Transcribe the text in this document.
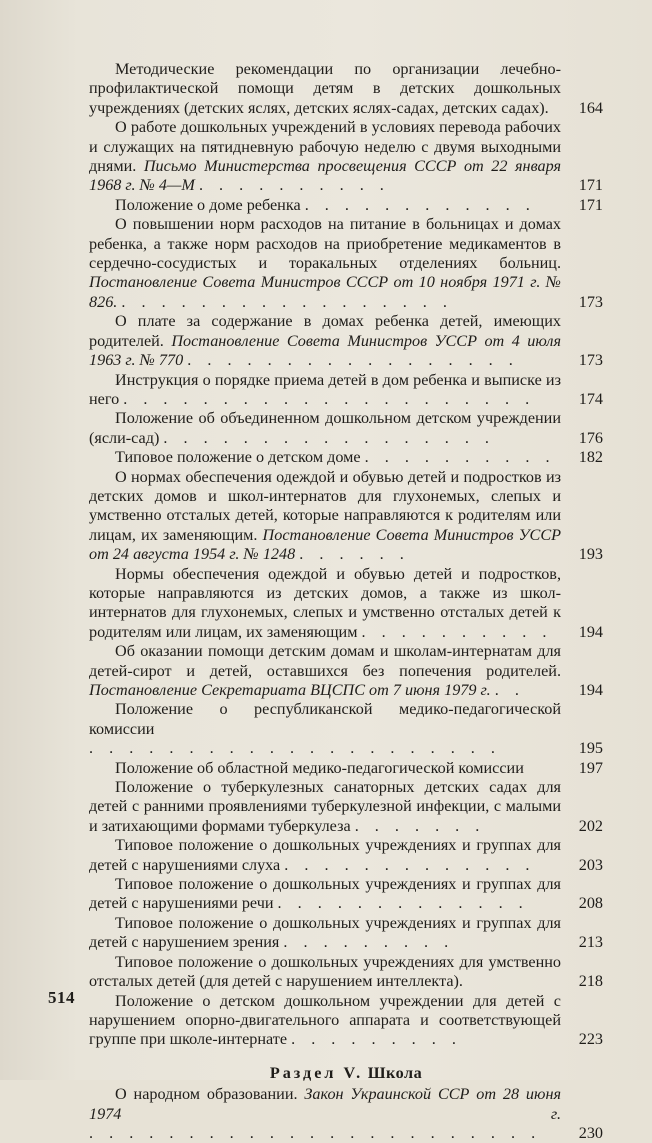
Методические рекомендации по организации лечебно-профилактической помощи детям в детских дошкольных учреждениях (детских яслях, детских яслях-садах, детских садах).	164
О работе дошкольных учреждений в условиях перевода рабочих и служащих на пятидневную рабочую неделю с двумя выходными днями. Письмо Министерства просвещения СССР от 22 января 1968 г. № 4—М . . . . . . . . . .	171
Положение о доме ребенка . . . . . . . . . . . .	171
О повышении норм расходов на питание в больницах и домах ребенка, а также норм расходов на приобретение медикаментов в сердечно-сосудистых и торакальных отделениях больниц. Постановление Совета Министров СССР от 10 ноября 1971 г. № 826. . . . . . . . . . . . . . . . . .	173
О плате за содержание в домах ребенка детей, имеющих родителей. Постановление Совета Министров УССР от 4 июля 1963 г. № 770 . . . . . . . . . . . . . . . . .	173
Инструкция о порядке приема детей в дом ребенка и выписке из него . . . . . . . . . . . . . . . . . . . . .	174
Положение об объединенном дошкольном детском учреждении (ясли-сад) . . . . . . . . . . . . . . . . .	176
Типовое положение о детском доме . . . . . . . . . .	182
О нормах обеспечения одеждой и обувью детей и подростков из детских домов и школ-интернатов для глухонемых, слепых и умственно отсталых детей, которые направляются к родителям или лицам, их заменяющим. Постановление Совета Министров УССР от 24 августа 1954 г. № 1248 . . . . . .	193
Нормы обеспечения одеждой и обувью детей и подростков, которые направляются из детских домов, а также из школ-интернатов для глухонемых, слепых и умственно отсталых детей к родителям или лицам, их заменяющим . . . . . . . . . .	194
Об оказании помощи детским домам и школам-интернатам для детей-сирот и детей, оставшихся без попечения родителей. Постановление Секретариата ВЦСПС от 7 июня 1979 г. . .	194
Положение о республиканской медико-педагогической комиссии . . . . . . . . . . . . . . . . . . . . .	195
Положение об областной медико-педагогической комиссии	197
Положение о туберкулезных санаторных детских садах для детей с ранними проявлениями туберкулезной инфекции, с малыми и затихающими формами туберкулеза . . . . . . .	202
Типовое положение о дошкольных учреждениях и группах для детей с нарушениями слуха . . . . . . . . . . . . .	203
Типовое положение о дошкольных учреждениях и группах для детей с нарушениями речи . . . . . . . . . . . . .	208
Типовое положение о дошкольных учреждениях и группах для детей с нарушением зрения . . . . . . . . .	213
Типовое положение о дошкольных учреждениях для умственно отсталых детей (для детей с нарушением интеллекта).	218
Положение о детском дошкольном учреждении для детей с нарушением опорно-двигательного аппарата и соответствующей группе при школе-интернате . . . . . . . . .	223
Раздел V. Школа
О народном образовании. Закон Украинской ССР от 28 июня 1974 г. . . . . . . . . . . . . . . . . . . . . . . .	230
514
